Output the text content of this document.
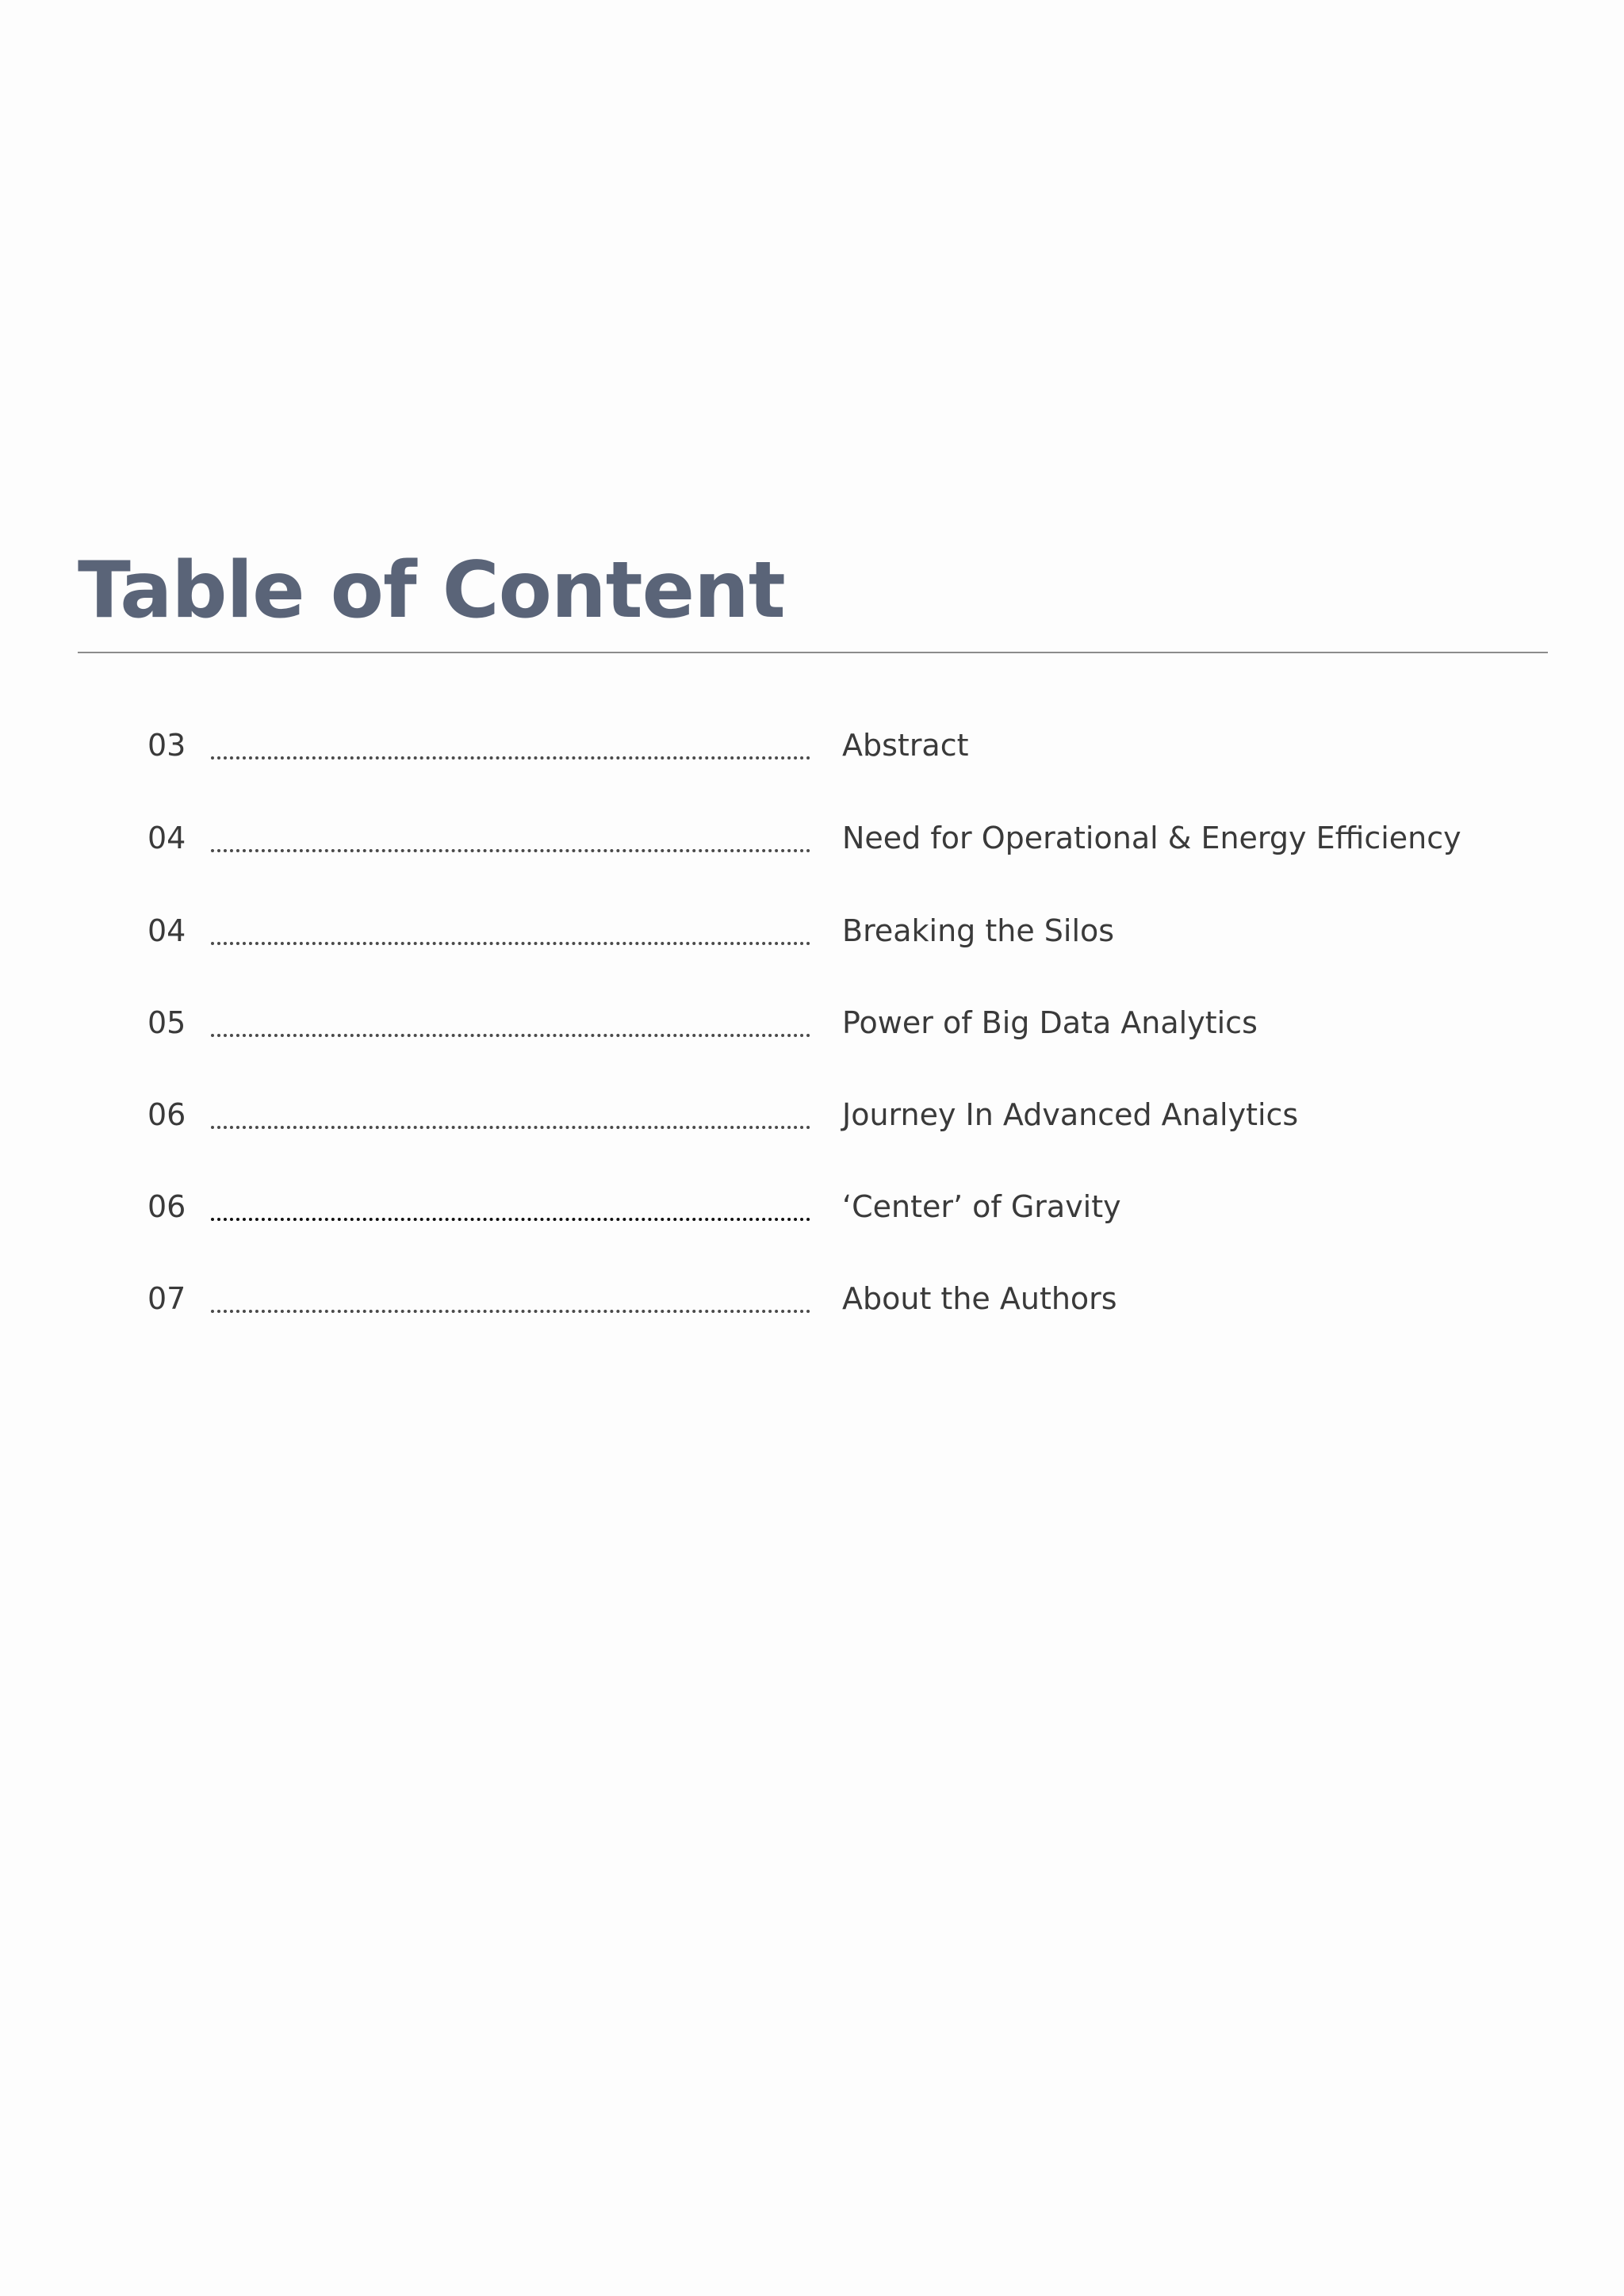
Table of Content
03	Abstract
04	Need for Operational & Energy Efficiency
04	Breaking the Silos
05	Power of Big Data Analytics
06	Journey In Advanced Analytics
06	‘Center’ of Gravity
07	About the Authors
